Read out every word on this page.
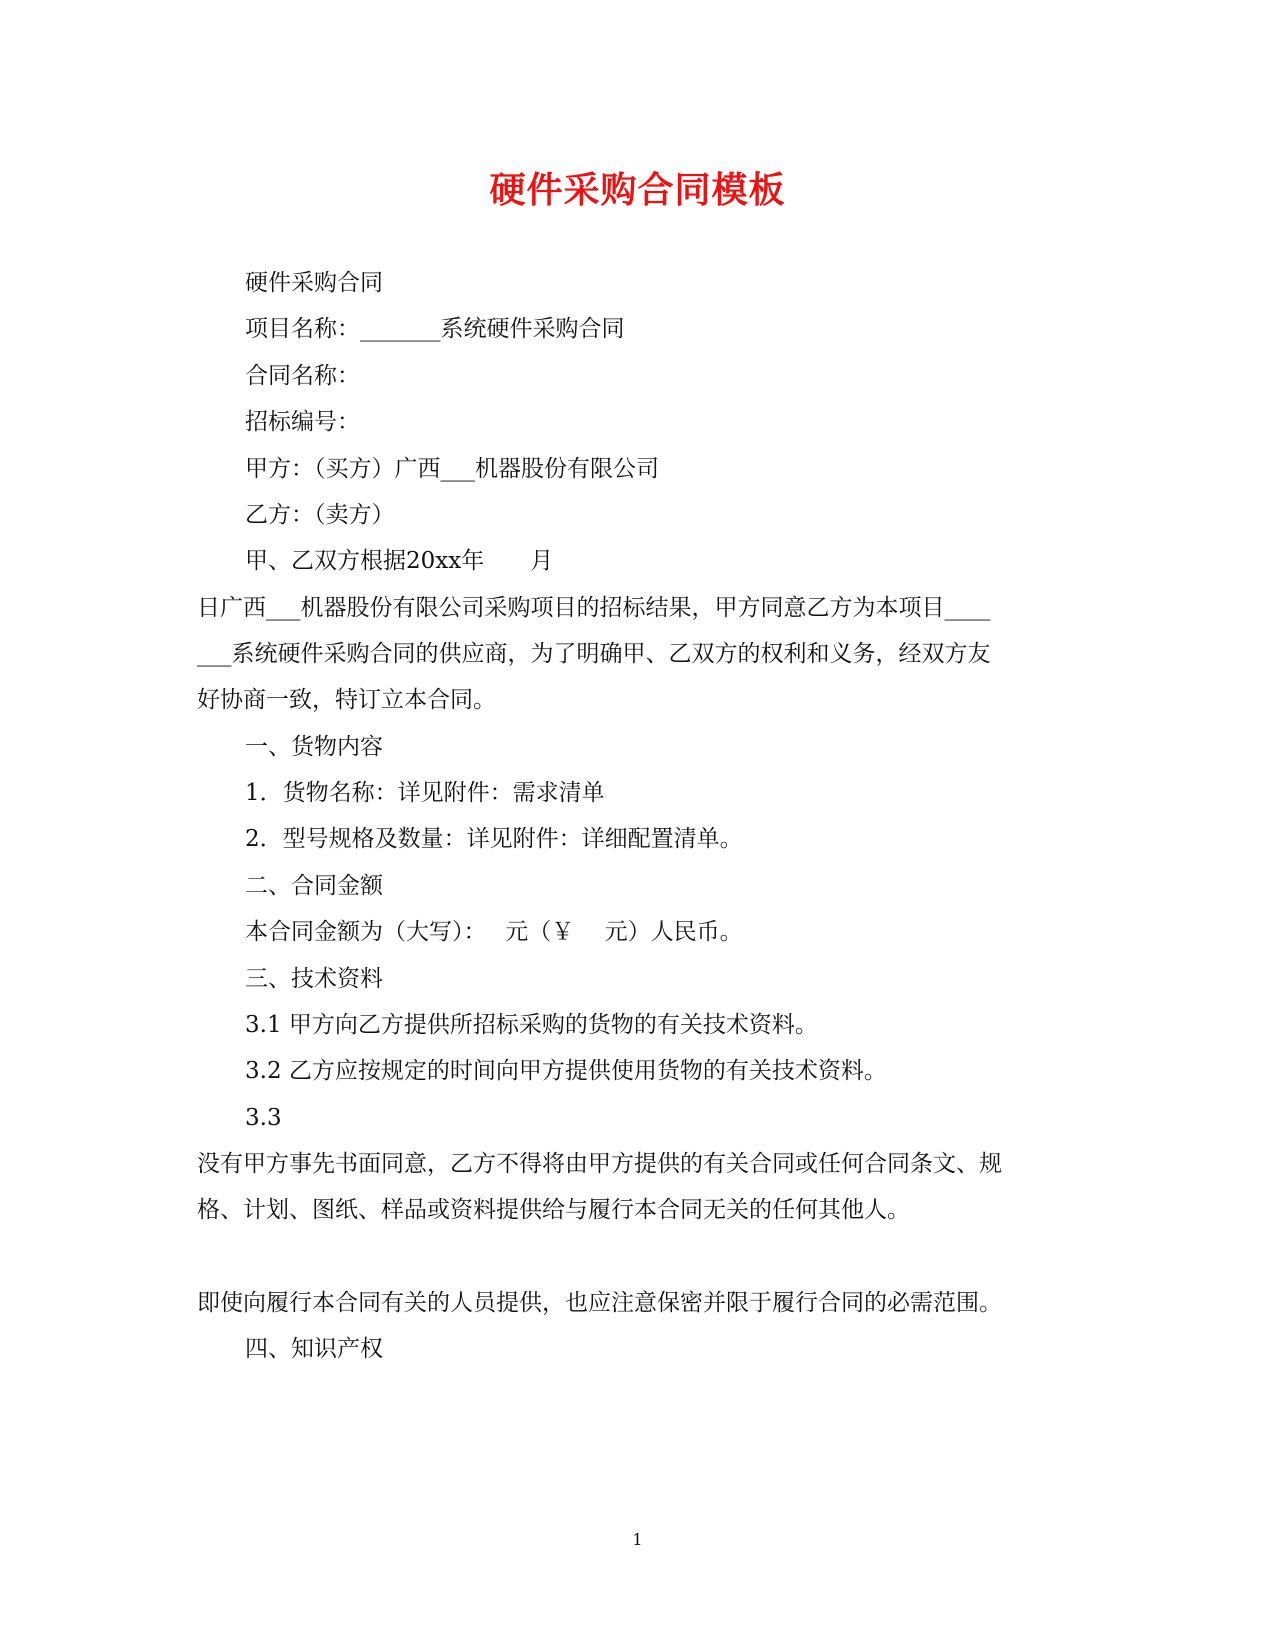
硬件采购合同模板
硬件采购合同
项目名称：_______系统硬件采购合同
合同名称：
招标编号：
甲方：（买方）广西___机器股份有限公司
乙方：（卖方）
甲、乙双方根据20xx年　　月
日广西___机器股份有限公司采购项目的招标结果，甲方同意乙方为本项目____
___系统硬件采购合同的供应商，为了明确甲、乙双方的权利和义务，经双方友
好协商一致，特订立本合同。
一、货物内容
1．货物名称：详见附件：需求清单
2．型号规格及数量：详见附件：详细配置清单。
二、合同金额
本合同金额为（大写）：　 元（￥　 元）人民币。
三、技术资料
3.1 甲方向乙方提供所招标采购的货物的有关技术资料。
3.2 乙方应按规定的时间向甲方提供使用货物的有关技术资料。
3.3
没有甲方事先书面同意，乙方不得将由甲方提供的有关合同或任何合同条文、规
格、计划、图纸、样品或资料提供给与履行本合同无关的任何其他人。
即使向履行本合同有关的人员提供，也应注意保密并限于履行合同的必需范围。
四、知识产权
1
